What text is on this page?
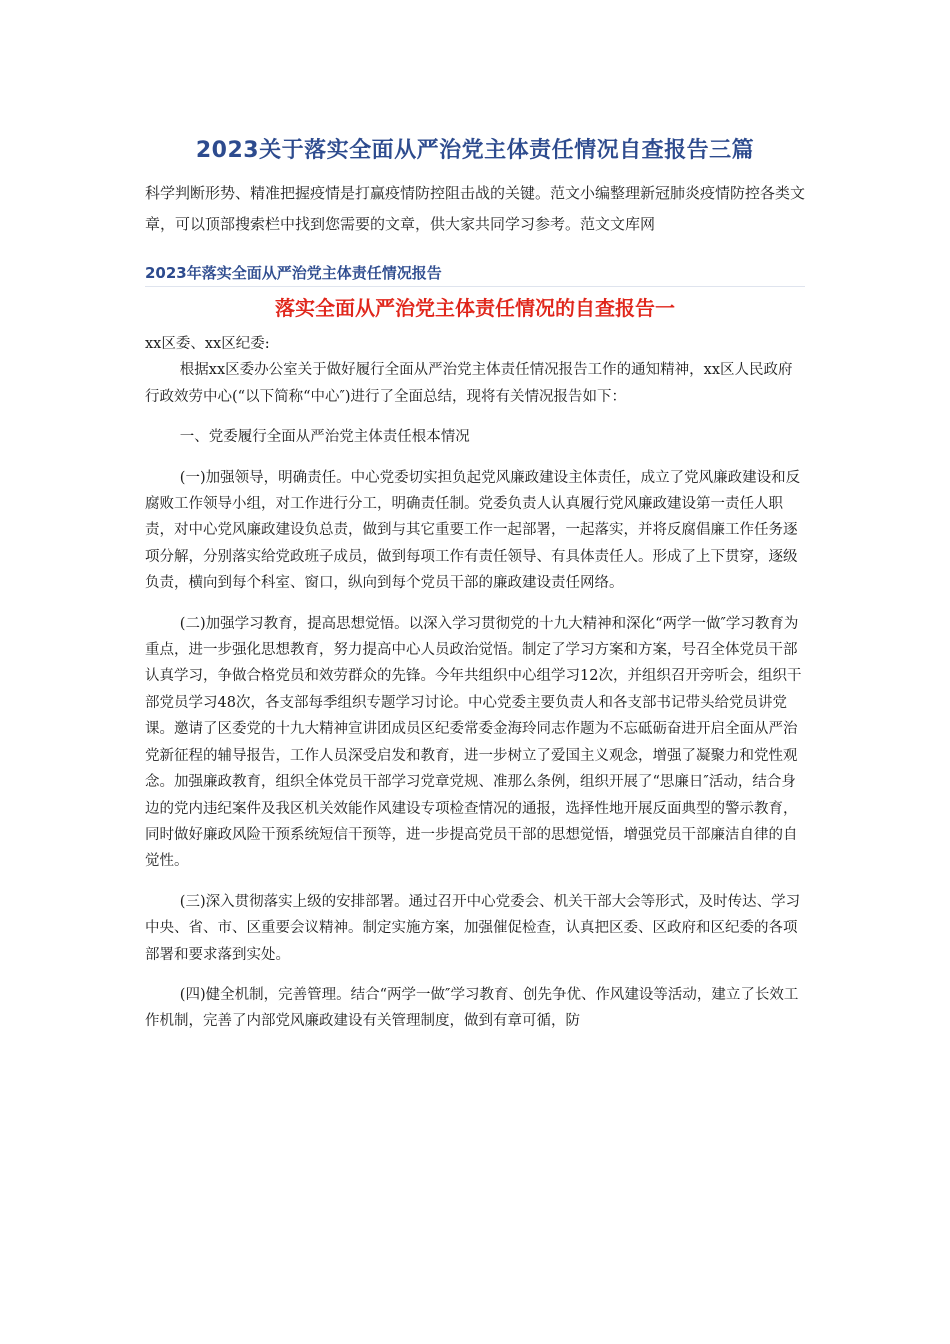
2023关于落实全面从严治党主体责任情况自查报告三篇

科学判断形势、精准把握疫情是打赢疫情防控阻击战的关键。范文小编整理新冠肺炎疫情防控各类文章，可以顶部搜索栏中找到您需要的文章，供大家共同学习参考。范文文库网

2023年落实全面从严治党主体责任情况报告

落实全面从严治党主体责任情况的自查报告一

xx区委、xx区纪委:

根据xx区委办公室关于做好履行全面从严治党主体责任情况报告工作的通知精神，xx区人民政府行政效劳中心(“以下简称“中心″)进行了全面总结，现将有关情况报告如下：

一、党委履行全面从严治党主体责任根本情况

(一)加强领导，明确责任。中心党委切实担负起党风廉政建设主体责任，成立了党风廉政建设和反腐败工作领导小组，对工作进行分工，明确责任制。党委负责人认真履行党风廉政建设第一责任人职责，对中心党风廉政建设负总责，做到与其它重要工作一起部署，一起落实，并将反腐倡廉工作任务逐项分解，分别落实给党政班子成员，做到每项工作有责任领导、有具体责任人。形成了上下贯穿，逐级负责，横向到每个科室、窗口，纵向到每个党员干部的廉政建设责任网络。

(二)加强学习教育，提高思想觉悟。以深入学习贯彻党的十九大精神和深化“两学一做″学习教育为重点，进一步强化思想教育，努力提高中心人员政治觉悟。制定了学习方案和方案，号召全体党员干部认真学习，争做合格党员和效劳群众的先锋。今年共组织中心组学习12次，并组织召开旁听会，组织干部党员学习48次，各支部每季组织专题学习讨论。中心党委主要负责人和各支部书记带头给党员讲党课。邀请了区委党的十九大精神宣讲团成员区纪委常委金海玲同志作题为不忘砥砺奋进开启全面从严治党新征程的辅导报告，工作人员深受启发和教育，进一步树立了爱国主义观念，增强了凝聚力和党性观念。加强廉政教育，组织全体党员干部学习党章党规、准那么条例，组织开展了“思廉日″活动，结合身边的党内违纪案件及我区机关效能作风建设专项检查情况的通报，选择性地开展反面典型的警示教育，同时做好廉政风险干预系统短信干预等，进一步提高党员干部的思想觉悟，增强党员干部廉洁自律的自觉性。

(三)深入贯彻落实上级的安排部署。通过召开中心党委会、机关干部大会等形式，及时传达、学习中央、省、市、区重要会议精神。制定实施方案，加强催促检查，认真把区委、区政府和区纪委的各项部署和要求落到实处。

(四)健全机制，完善管理。结合“两学一做″学习教育、创先争优、作风建设等活动，建立了长效工作机制，完善了内部党风廉政建设有关管理制度，做到有章可循，防
